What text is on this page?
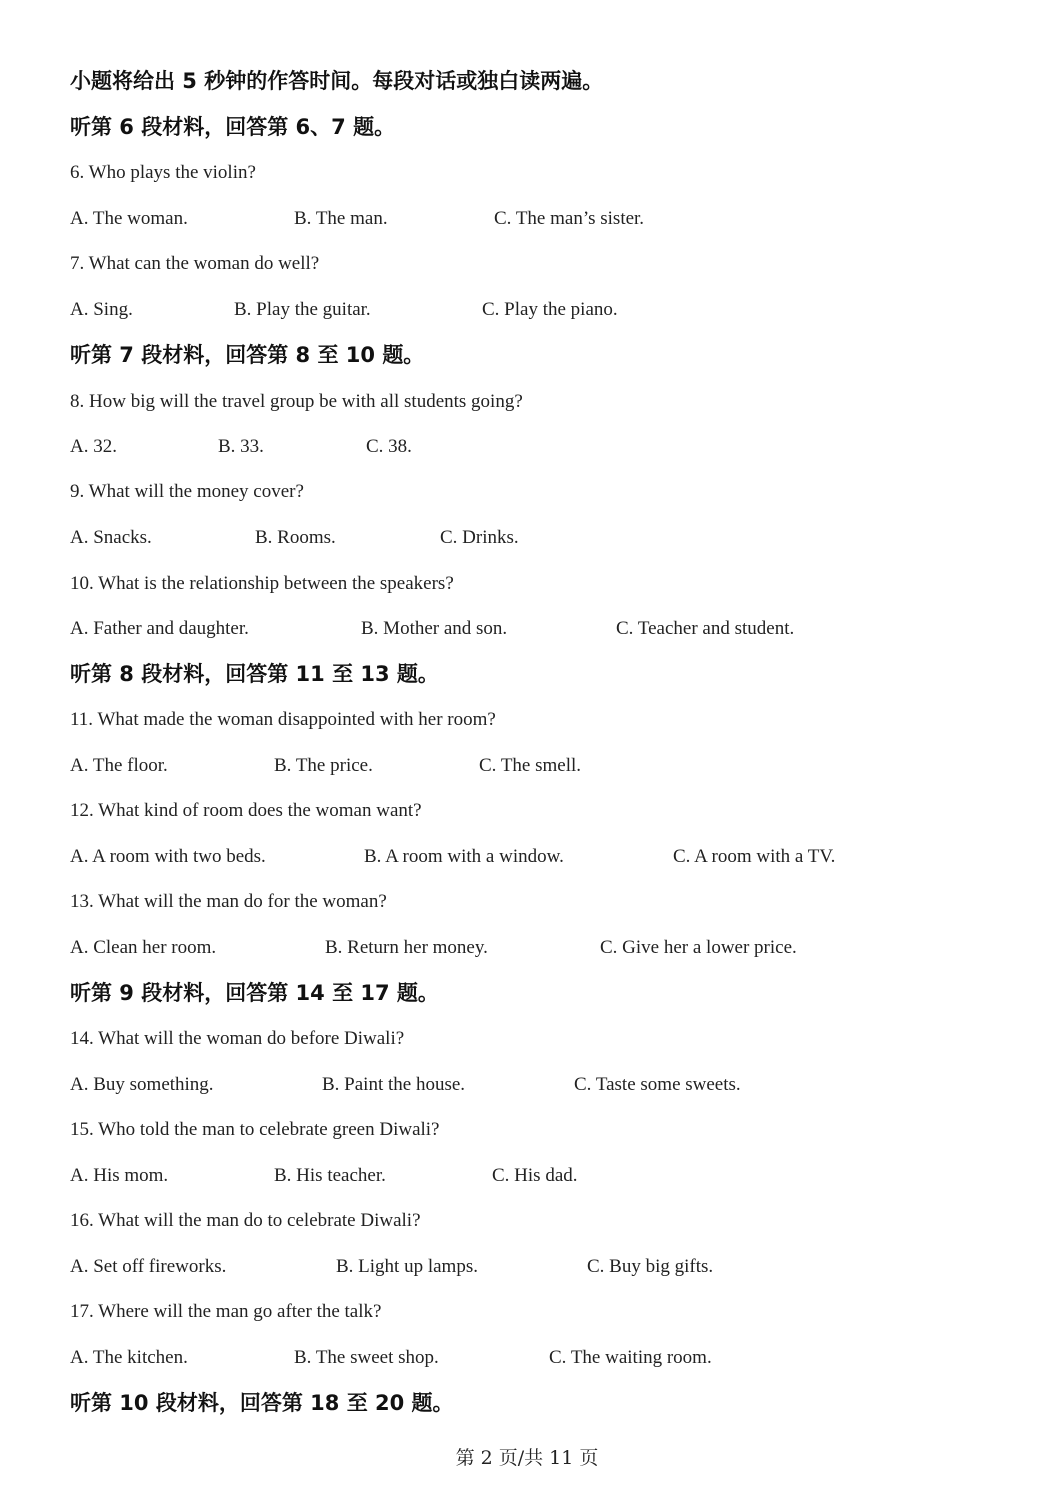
小题将给出 5 秒钟的作答时间。每段对话或独白读两遍。
听第 6 段材料，回答第 6、7 题。
6. Who plays the violin?
A. The woman.	B. The man.	C. The man’s sister.
7. What can the woman do well?
A. Sing.	B. Play the guitar.	C. Play the piano.
听第 7 段材料，回答第 8 至 10 题。
8. How big will the travel group be with all students going?
A. 32.	B. 33.	C. 38.
9. What will the money cover?
A. Snacks.	B. Rooms.	C. Drinks.
10. What is the relationship between the speakers?
A. Father and daughter.	B. Mother and son.	C. Teacher and student.
听第 8 段材料，回答第 11 至 13 题。
11. What made the woman disappointed with her room?
A. The floor.	B. The price.	C. The smell.
12. What kind of room does the woman want?
A. A room with two beds.	B. A room with a window.	C. A room with a TV.
13. What will the man do for the woman?
A. Clean her room.	B. Return her money.	C. Give her a lower price.
听第 9 段材料，回答第 14 至 17 题。
14. What will the woman do before Diwali?
A. Buy something.	B. Paint the house.	C. Taste some sweets.
15. Who told the man to celebrate green Diwali?
A. His mom.	B. His teacher.	C. His dad.
16. What will the man do to celebrate Diwali?
A. Set off fireworks.	B. Light up lamps.	C. Buy big gifts.
17. Where will the man go after the talk?
A. The kitchen.	B. The sweet shop.	C. The waiting room.
听第 10 段材料，回答第 18 至 20 题。
第 2 页/共 11 页
